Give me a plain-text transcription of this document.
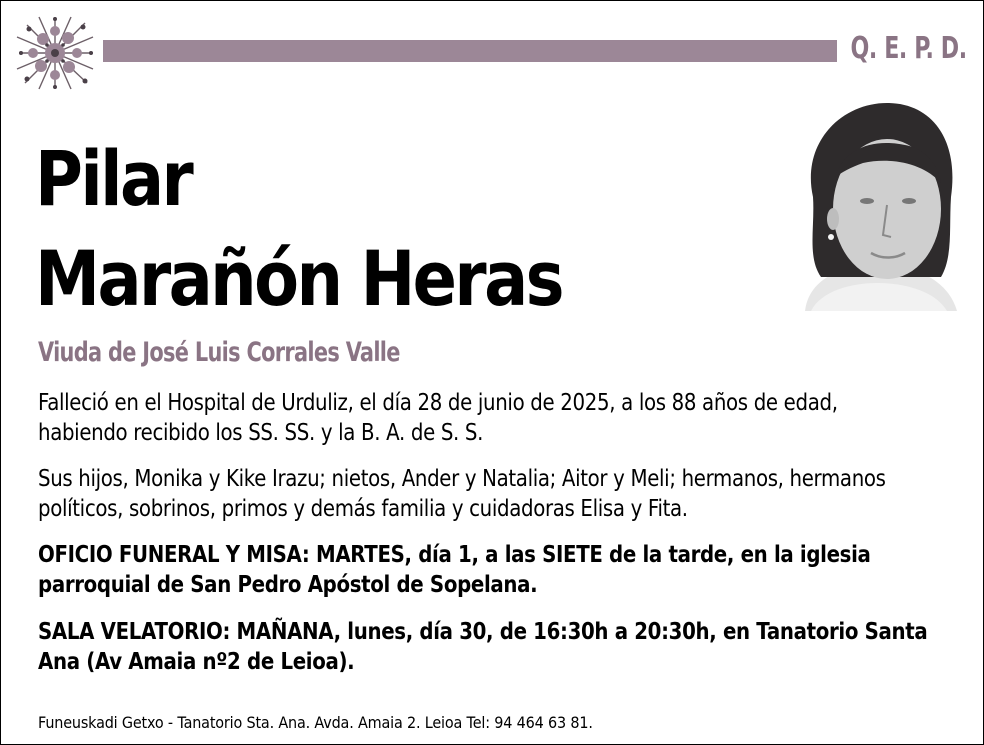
Q. E. P. D.
Pilar
Marañón Heras
Viuda de José Luis Corrales Valle
Falleció en el Hospital de Urduliz, el día 28 de junio de 2025, a los 88 años de edad, habiendo recibido los SS. SS. y la B. A. de S. S.
Sus hijos, Monika y Kike Irazu; nietos, Ander y Natalia; Aitor y Meli; hermanos, hermanos políticos, sobrinos, primos y demás familia y cuidadoras Elisa y Fita.
OFICIO FUNERAL Y MISA: MARTES, día 1, a las SIETE de la tarde, en la iglesia parroquial de San Pedro Apóstol de Sopelana.
SALA VELATORIO: MAÑANA, lunes, día 30, de 16:30h a 20:30h, en Tanatorio Santa Ana (Av Amaia nº2 de Leioa).
Funeuskadi Getxo - Tanatorio Sta. Ana. Avda. Amaia 2. Leioa Tel: 94 464 63 81.
